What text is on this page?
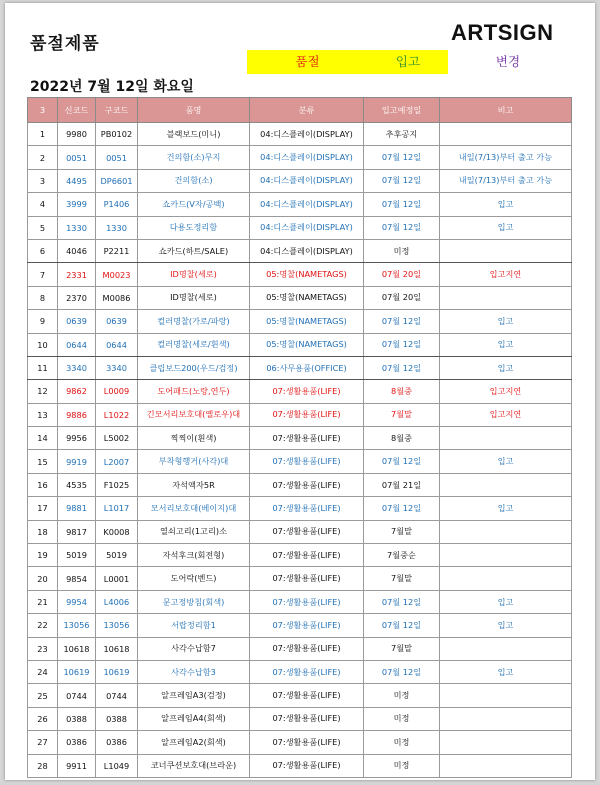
품절제품	ARTSIGN
품절	입고	변경
2022년 7월 12일 화요일
3	신코드	구코드	품명	분류	입고예정일	비고
1	9980	PB0102	블랙보드(미니)	04:디스플레이(DISPLAY)	추후공지	
2	0051	0051	건의함(소)무지	04:디스플레이(DISPLAY)	07월 12일	내일(7/13)부터 출고 가능
3	4495	DP6601	건의함(소)	04:디스플레이(DISPLAY)	07월 12일	내일(7/13)부터 출고 가능
4	3999	P1406	쇼카드(V자/공백)	04:디스플레이(DISPLAY)	07월 12일	입고
5	1330	1330	다용도정리함	04:디스플레이(DISPLAY)	07월 12일	입고
6	4046	P2211	쇼카드(하트/SALE)	04:디스플레이(DISPLAY)	미정	
7	2331	M0023	ID명찰(세로)	05:명찰(NAMETAGS)	07월 20일	입고지연
8	2370	M0086	ID명찰(세로)	05:명찰(NAMETAGS)	07월 20일	
9	0639	0639	컬러명찰(가로/파랑)	05:명찰(NAMETAGS)	07월 12일	입고
10	0644	0644	컬러명찰(세로/흰색)	05:명찰(NAMETAGS)	07월 12일	입고
11	3340	3340	클립보드200(우드/검정)	06:사무용품(OFFICE)	07월 12일	입고
12	9862	L0009	도어패드(노랑,연두)	07:생활용품(LIFE)	8월중	입고지연
13	9886	L1022	긴모서리보호대(옐로우)대	07:생활용품(LIFE)	7월말	입고지연
14	9956	L5002	찍찍이(흰색)	07:생활용품(LIFE)	8월중	
15	9919	L2007	부착형행거(사각)대	07:생활용품(LIFE)	07월 12일	입고
16	4535	F1025	자석액자5R	07:생활용품(LIFE)	07월 21일	
17	9881	L1017	모서리보호대(베이지)대	07:생활용품(LIFE)	07월 12일	입고
18	9817	K0008	열쇠고리(1고리)소	07:생활용품(LIFE)	7월말	
19	5019	5019	자석후크(회전형)	07:생활용품(LIFE)	7월중순	
20	9854	L0001	도어락(벤드)	07:생활용품(LIFE)	7월말	
21	9954	L4006	문고정방침(회색)	07:생활용품(LIFE)	07월 12일	입고
22	13056	13056	서랍정리함1	07:생활용품(LIFE)	07월 12일	입고
23	10618	10618	사각수납함7	07:생활용품(LIFE)	7월말	
24	10619	10619	사각수납함3	07:생활용품(LIFE)	07월 12일	입고
25	0744	0744	알프레임A3(검정)	07:생활용품(LIFE)	미정	
26	0388	0388	알프레임A4(회색)	07:생활용품(LIFE)	미정	
27	0386	0386	알프레임A2(회색)	07:생활용품(LIFE)	미정	
28	9911	L1049	코너쿠션보호대(브라운)	07:생활용품(LIFE)	미정	
